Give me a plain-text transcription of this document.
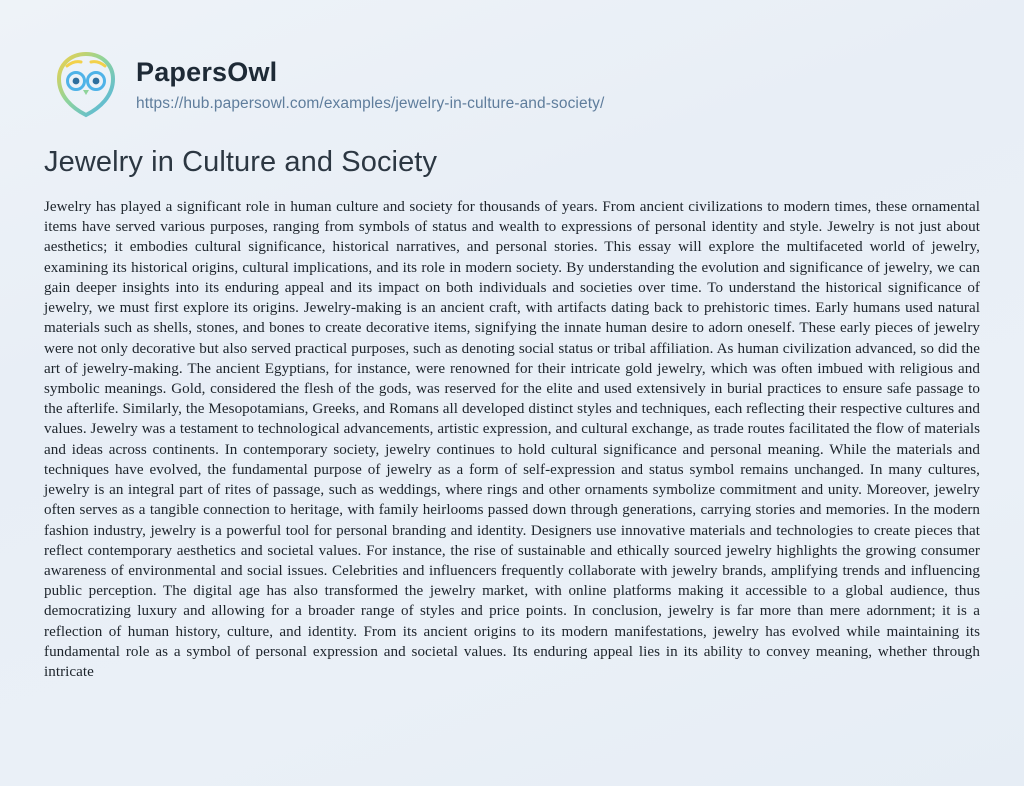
PapersOwl
https://hub.papersowl.com/examples/jewelry-in-culture-and-society/
Jewelry in Culture and Society
Jewelry has played a significant role in human culture and society for thousands of years. From ancient civilizations to modern times, these ornamental items have served various purposes, ranging from symbols of status and wealth to expressions of personal identity and style. Jewelry is not just about aesthetics; it embodies cultural significance, historical narratives, and personal stories. This essay will explore the multifaceted world of jewelry, examining its historical origins, cultural implications, and its role in modern society. By understanding the evolution and significance of jewelry, we can gain deeper insights into its enduring appeal and its impact on both individuals and societies over time. To understand the historical significance of jewelry, we must first explore its origins. Jewelry-making is an ancient craft, with artifacts dating back to prehistoric times. Early humans used natural materials such as shells, stones, and bones to create decorative items, signifying the innate human desire to adorn oneself. These early pieces of jewelry were not only decorative but also served practical purposes, such as denoting social status or tribal affiliation. As human civilization advanced, so did the art of jewelry-making. The ancient Egyptians, for instance, were renowned for their intricate gold jewelry, which was often imbued with religious and symbolic meanings. Gold, considered the flesh of the gods, was reserved for the elite and used extensively in burial practices to ensure safe passage to the afterlife. Similarly, the Mesopotamians, Greeks, and Romans all developed distinct styles and techniques, each reflecting their respective cultures and values. Jewelry was a testament to technological advancements, artistic expression, and cultural exchange, as trade routes facilitated the flow of materials and ideas across continents. In contemporary society, jewelry continues to hold cultural significance and personal meaning. While the materials and techniques have evolved, the fundamental purpose of jewelry as a form of self-expression and status symbol remains unchanged. In many cultures, jewelry is an integral part of rites of passage, such as weddings, where rings and other ornaments symbolize commitment and unity. Moreover, jewelry often serves as a tangible connection to heritage, with family heirlooms passed down through generations, carrying stories and memories. In the modern fashion industry, jewelry is a powerful tool for personal branding and identity. Designers use innovative materials and technologies to create pieces that reflect contemporary aesthetics and societal values. For instance, the rise of sustainable and ethically sourced jewelry highlights the growing consumer awareness of environmental and social issues. Celebrities and influencers frequently collaborate with jewelry brands, amplifying trends and influencing public perception. The digital age has also transformed the jewelry market, with online platforms making it accessible to a global audience, thus democratizing luxury and allowing for a broader range of styles and price points. In conclusion, jewelry is far more than mere adornment; it is a reflection of human history, culture, and identity. From its ancient origins to its modern manifestations, jewelry has evolved while maintaining its fundamental role as a symbol of personal expression and societal values. Its enduring appeal lies in its ability to convey meaning, whether through intricate
